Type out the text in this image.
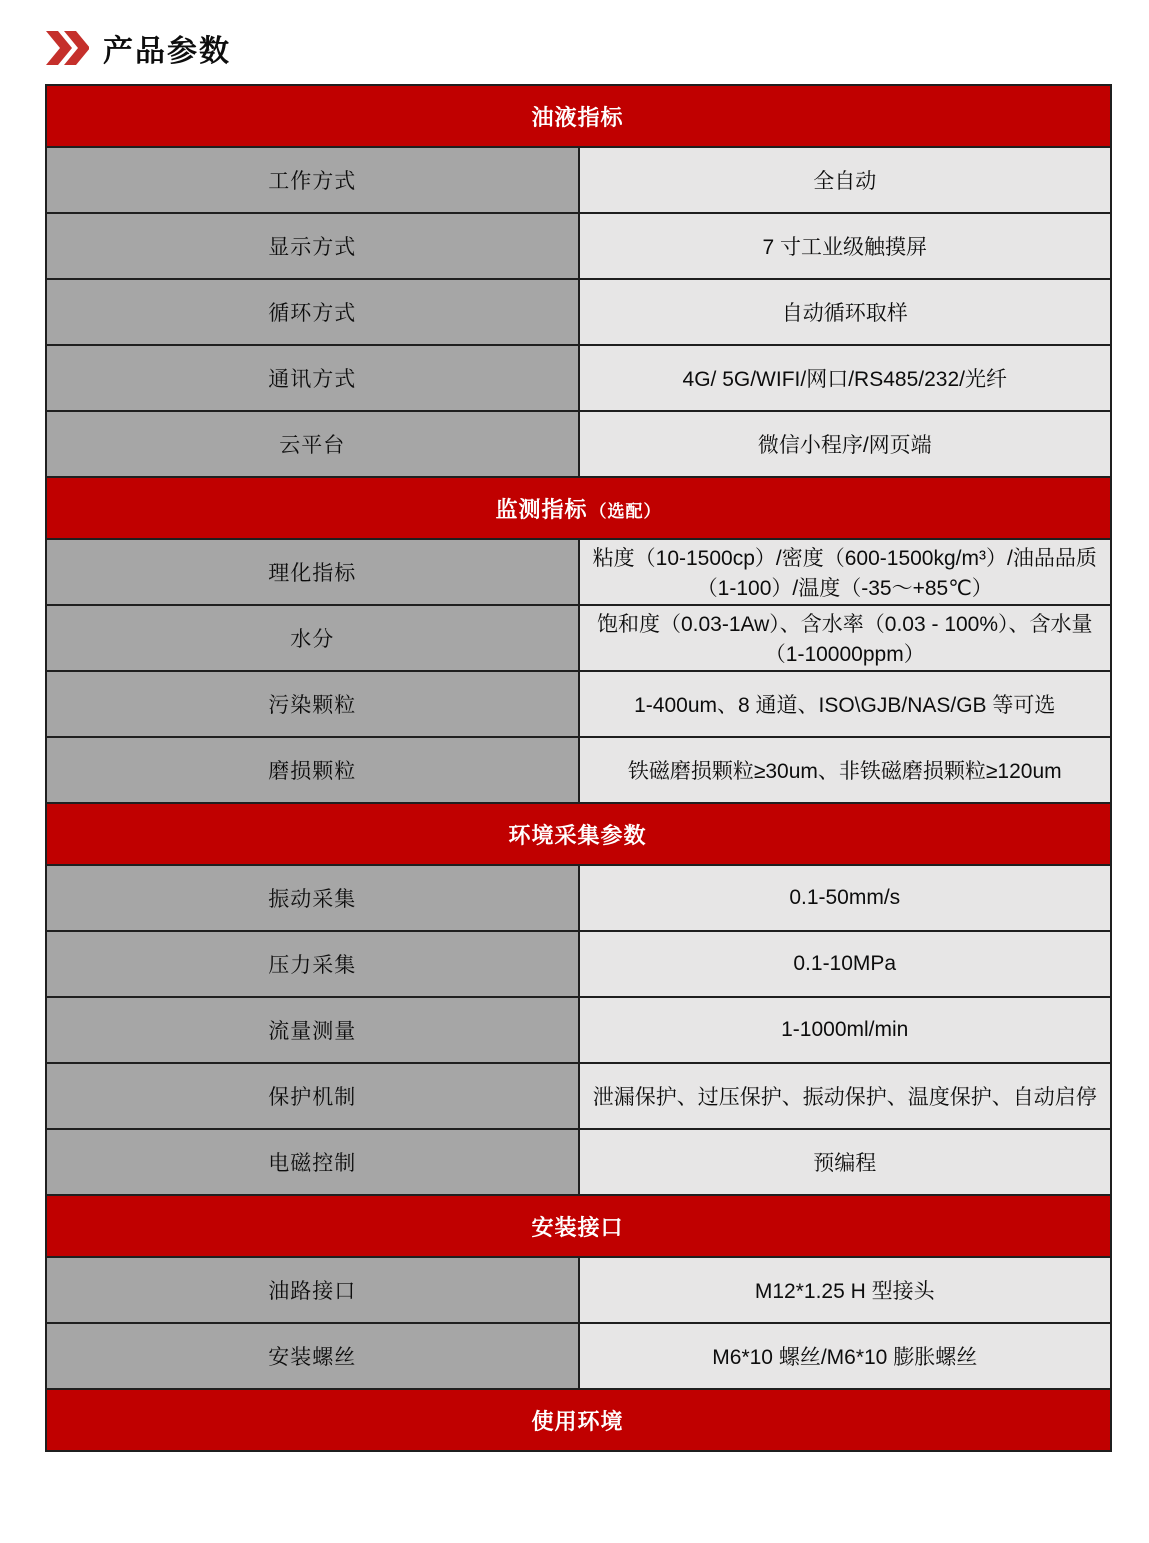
产品参数
油液指标	
工作方式	全自动
显示方式	7 寸工业级触摸屏
循环方式	自动循环取样
通讯方式	4G/ 5G/WIFI/网口/RS485/232/光纤
云平台	微信小程序/网页端
监测指标 （选配）	
理化指标	粘度（10-1500cp）/密度（600-1500kg/m³）/油品品质（1-100）/温度（-35～+85℃）
水分	饱和度（0.03-1Aw）、含水率（0.03 - 100%）、含水量（1-10000ppm）
污染颗粒	1-400um、8 通道、ISO\GJB/NAS/GB 等可选
磨损颗粒	铁磁磨损颗粒≥30um、非铁磁磨损颗粒≥120um
环境采集参数	
振动采集	0.1-50mm/s
压力采集	0.1-10MPa
流量测量	1-1000ml/min
保护机制	泄漏保护、过压保护、振动保护、温度保护、自动启停
电磁控制	预编程
安装接口	
油路接口	M12*1.25 H 型接头
安装螺丝	M6*10 螺丝/M6*10 膨胀螺丝
使用环境	
